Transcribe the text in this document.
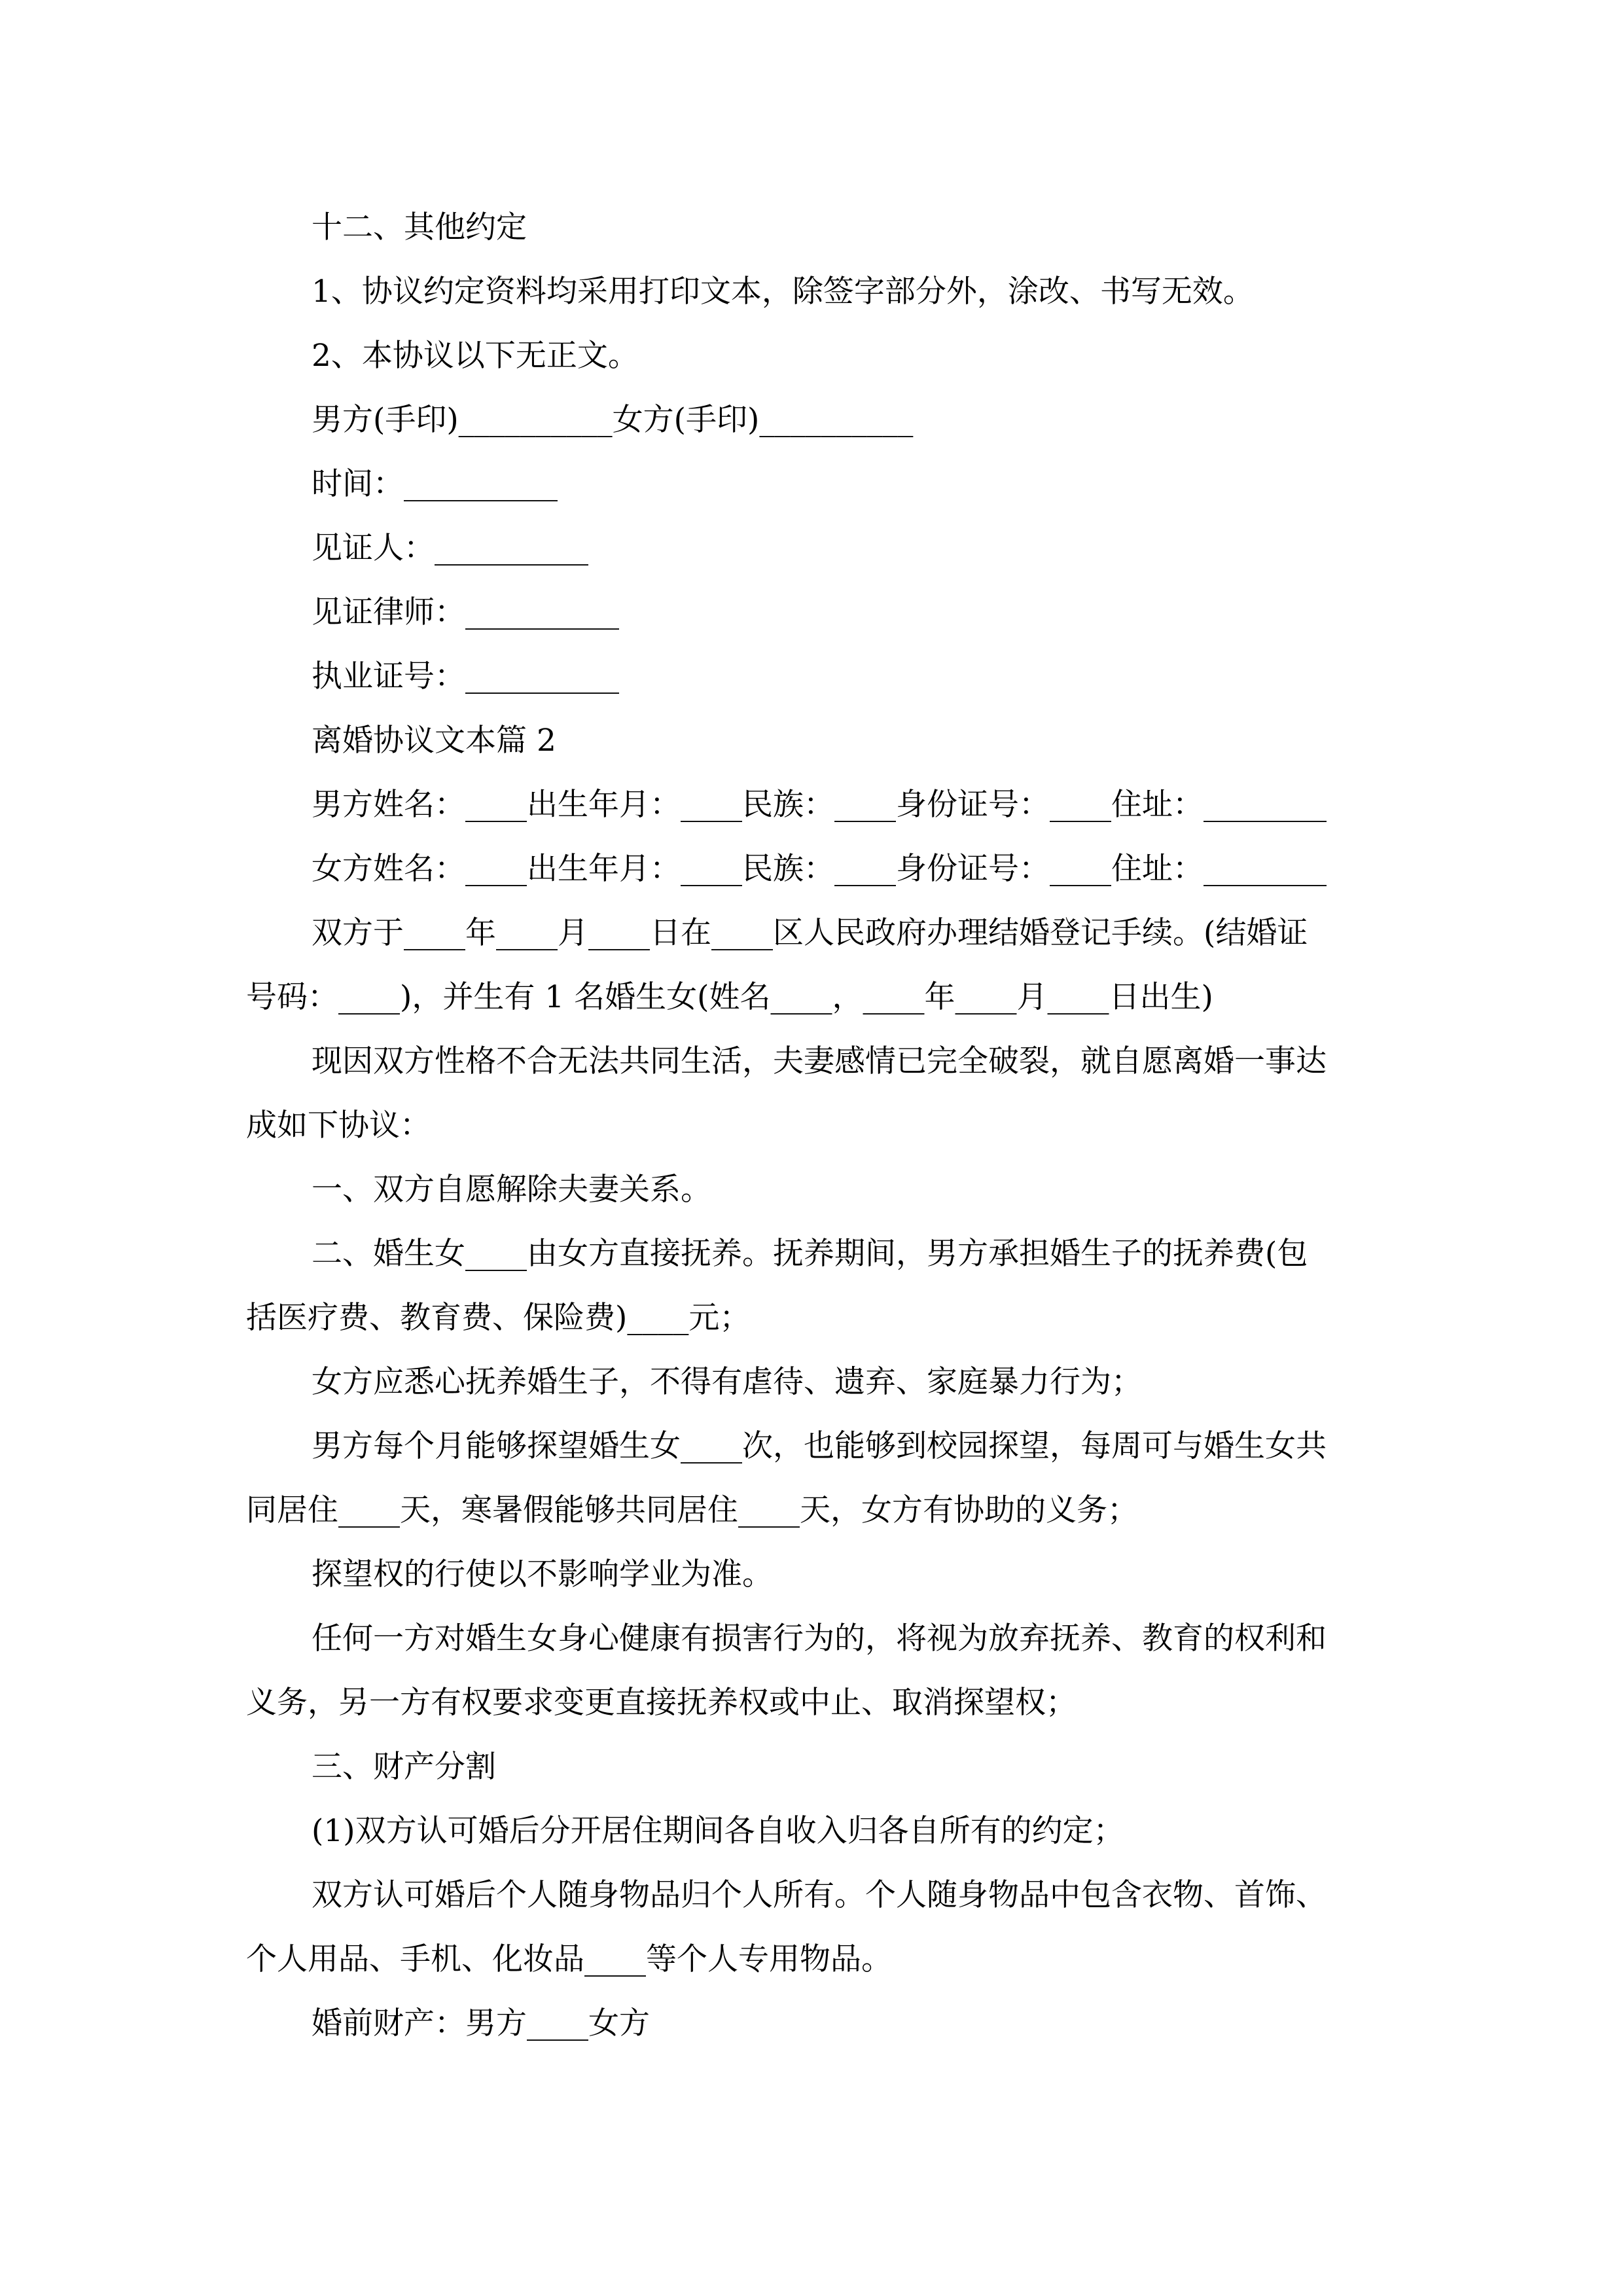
十二、其他约定
1、协议约定资料均采用打印文本，除签字部分外，涂改、书写无效。
2、本协议以下无正文。
男方(手印)__________女方(手印)__________
时间：__________
见证人：__________
见证律师：__________
执业证号：__________
离婚协议文本篇 2
男方姓名：____出生年月：____民族：____身份证号：____住址：________
女方姓名：____出生年月：____民族：____身份证号：____住址：________
双方于____年____月____日在____区人民政府办理结婚登记手续。(结婚证
号码：____)，并生有 1 名婚生女(姓名____，____年____月____日出生)
现因双方性格不合无法共同生活，夫妻感情已完全破裂，就自愿离婚一事达
成如下协议：
一、双方自愿解除夫妻关系。
二、婚生女____由女方直接抚养。抚养期间，男方承担婚生子的抚养费(包
括医疗费、教育费、保险费)____元；
女方应悉心抚养婚生子，不得有虐待、遗弃、家庭暴力行为；
男方每个月能够探望婚生女____次，也能够到校园探望，每周可与婚生女共
同居住____天，寒暑假能够共同居住____天，女方有协助的义务；
探望权的行使以不影响学业为准。
任何一方对婚生女身心健康有损害行为的，将视为放弃抚养、教育的权利和
义务，另一方有权要求变更直接抚养权或中止、取消探望权；
三、财产分割
(1)双方认可婚后分开居住期间各自收入归各自所有的约定；
双方认可婚后个人随身物品归个人所有。个人随身物品中包含衣物、首饰、
个人用品、手机、化妆品____等个人专用物品。
婚前财产：男方____女方
